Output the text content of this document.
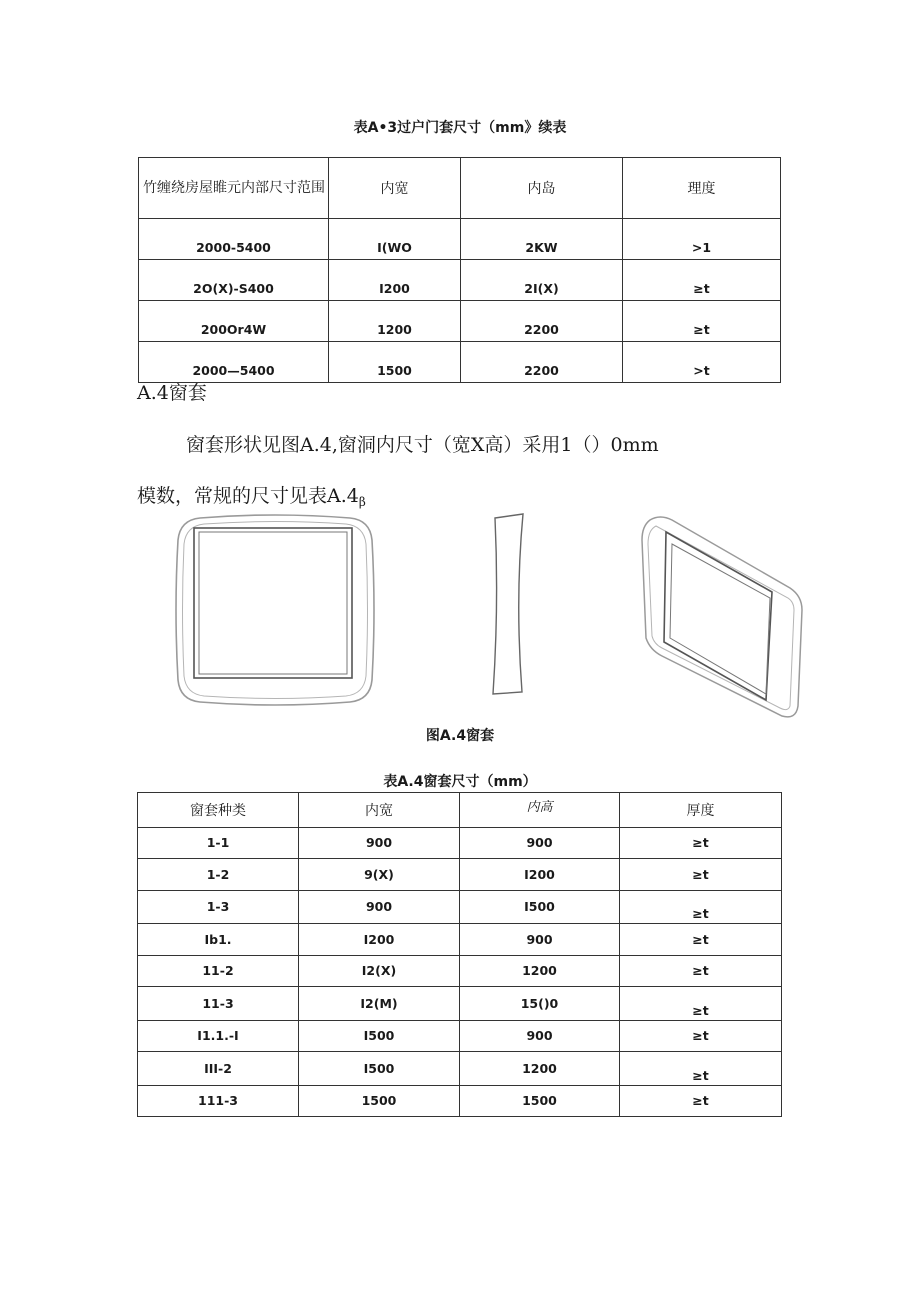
表A•3过户门套尺寸（mm》续表
竹缠绕房屋睢元内部尺寸范围	内宽	内岛	理度
2000-5400	I(WO	2KW	>1
2O(X)-S400	I200	2I(X)	≥t
200Or4W	1200	2200	≥t
2000—5400	1500	2200	>t
A.4窗套
窗套形状见图A.4,窗洞内尺寸（宽X高）采用1（）0mm
模数，常规的尺寸见表$A.4_\beta$
图A.4窗套
表A.4窗套尺寸（mm）
窗套种类	内宽	内高	厚度
1-1	900	900	≥t
1-2	9(X)	I200	≥t
1-3	900	I500	≥t
Ib1.	I200	900	≥t
11-2	I2(X)	1200	≥t
11-3	I2(M)	15()0	≥t
I1.1.-I	I500	900	≥t
III-2	I500	1200	≥t
111-3	1500	1500	≥t
